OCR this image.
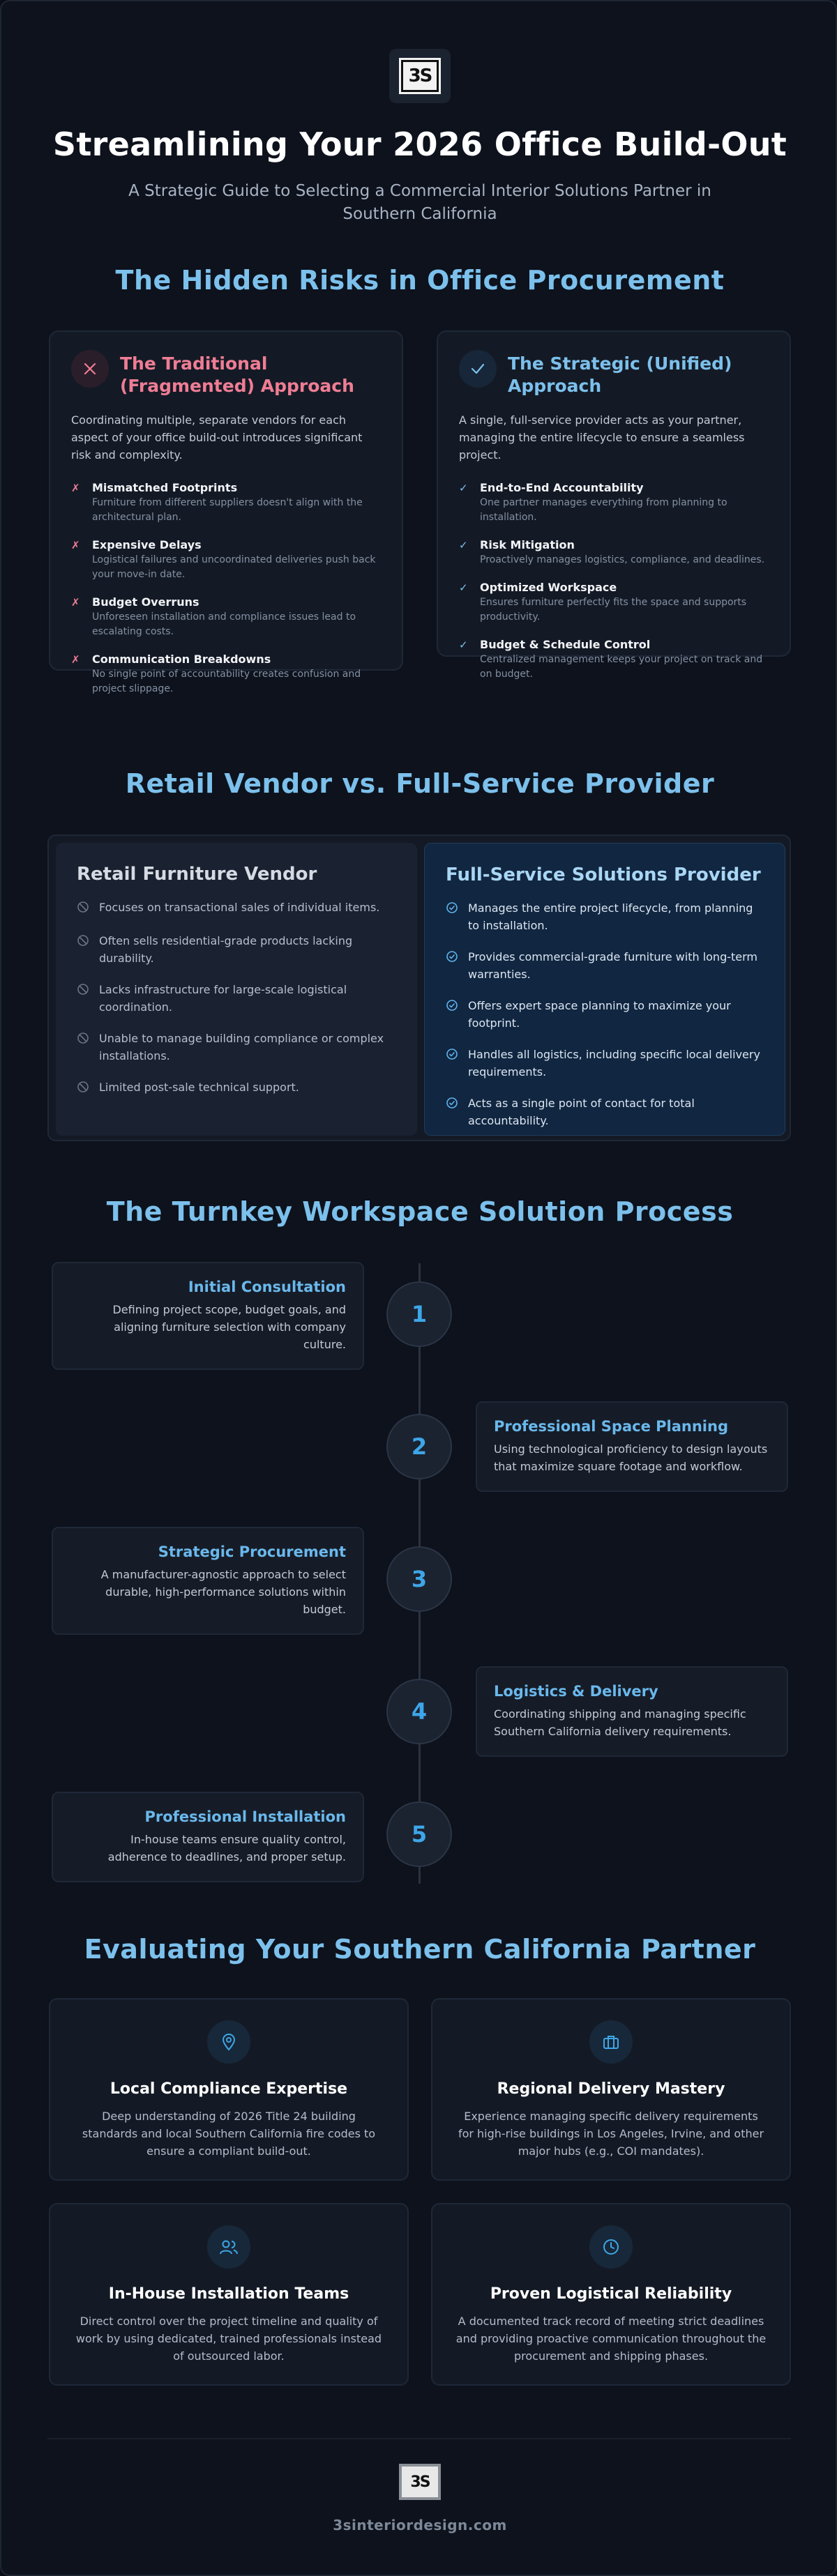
3S
Streamlining Your 2026 Office Build-Out
A Strategic Guide to Selecting a Commercial Interior Solutions Partner in Southern California
The Hidden Risks in Office Procurement
The Traditional
(Fragmented) Approach
Coordinating multiple, separate vendors for each aspect of your office build-out introduces significant risk and complexity.
✗	Mismatched Footprints
Furniture from different suppliers doesn't align with the architectural plan.
✗	Expensive Delays
Logistical failures and uncoordinated deliveries push back your move-in date.
✗	Budget Overruns
Unforeseen installation and compliance issues lead to escalating costs.
✗	Communication Breakdowns
No single point of accountability creates confusion and project slippage.
The Strategic (Unified)
Approach
A single, full-service provider acts as your partner, managing the entire lifecycle to ensure a seamless project.
✓	End-to-End Accountability
One partner manages everything from planning to installation.
✓	Risk Mitigation
Proactively manages logistics, compliance, and deadlines.
✓	Optimized Workspace
Ensures furniture perfectly fits the space and supports productivity.
✓	Budget & Schedule Control
Centralized management keeps your project on track and on budget.
Retail Vendor vs. Full-Service Provider
Retail Furniture Vendor
Focuses on transactional sales of individual items.
Often sells residential-grade products lacking durability.
Lacks infrastructure for large-scale logistical coordination.
Unable to manage building compliance or complex installations.
Limited post-sale technical support.
Full-Service Solutions Provider
Manages the entire project lifecycle, from planning to installation.
Provides commercial-grade furniture with long-term warranties.
Offers expert space planning to maximize your footprint.
Handles all logistics, including specific local delivery requirements.
Acts as a single point of contact for total accountability.
The Turnkey Workspace Solution Process
Initial Consultation
Defining project scope, budget goals, and aligning furniture selection with company culture.
1
2
Professional Space Planning
Using technological proficiency to design layouts that maximize square footage and workflow.
Strategic Procurement
A manufacturer-agnostic approach to select durable, high-performance solutions within budget.
3
4
Logistics & Delivery
Coordinating shipping and managing specific Southern California delivery requirements.
Professional Installation
In-house teams ensure quality control, adherence to deadlines, and proper setup.
5
Evaluating Your Southern California Partner
Local Compliance Expertise
Deep understanding of 2026 Title 24 building standards and local Southern California fire codes to ensure a compliant build-out.
Regional Delivery Mastery
Experience managing specific delivery requirements for high-rise buildings in Los Angeles, Irvine, and other major hubs (e.g., COI mandates).
In-House Installation Teams
Direct control over the project timeline and quality of work by using dedicated, trained professionals instead of outsourced labor.
Proven Logistical Reliability
A documented track record of meeting strict deadlines and providing proactive communication throughout the procurement and shipping phases.
3S
3sinteriordesign.com
